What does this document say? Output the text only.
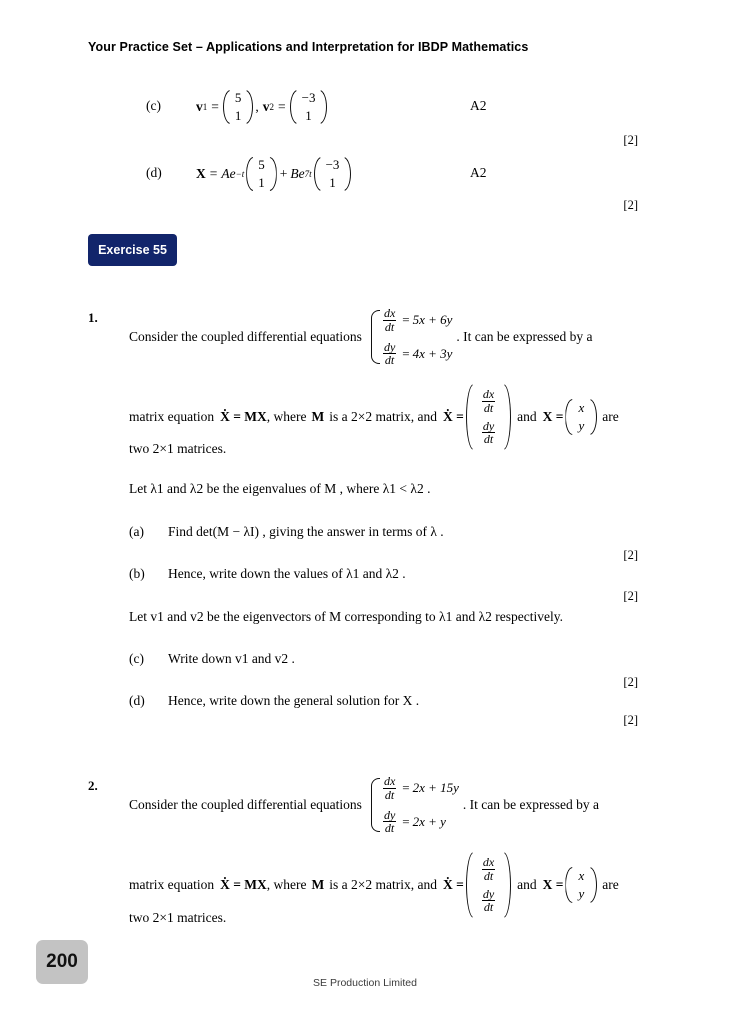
Your Practice Set – Applications and Interpretation for IBDP Mathematics
(c)	v 1 =
5
1
, v 2 =
−3
1
A2
[2]
(d)	X = Ae −t
5
1
+ Be 7t
−3
1
A2
[2]
Exercise 55
1.
Consider the coupled differential equations
$\frac{dx}{dt} = 5x + 6y$
$\frac{dy}{dt} = 4x + 3y$
. It can be expressed by a
matrix equation Ẋ = MX , where M is a 2×2 matrix, and Ẋ =
$\frac{dx}{dt}$
$\frac{dy}{dt}$
and X =
x
y
are
two 2×1 matrices.
Let λ1 and λ2 be the eigenvalues of M , where λ1 < λ2 .
(a) Find det(M − λI) , giving the answer in terms of λ .
[2]
(b) Hence, write down the values of λ1 and λ2 .
[2]
Let v1 and v2 be the eigenvectors of M corresponding to λ1 and λ2 respectively.
(c) Write down v1 and v2 .
[2]
(d) Hence, write down the general solution for X .
[2]
2.
Consider the coupled differential equations
$\frac{dx}{dt} = 2x + 15y$
$\frac{dy}{dt} = 2x + y$
. It can be expressed by a
matrix equation Ẋ = MX , where M is a 2×2 matrix, and Ẋ =
$\frac{dx}{dt}$
$\frac{dy}{dt}$
and X =
x
y
are
two 2×1 matrices.
200
SE Production Limited
